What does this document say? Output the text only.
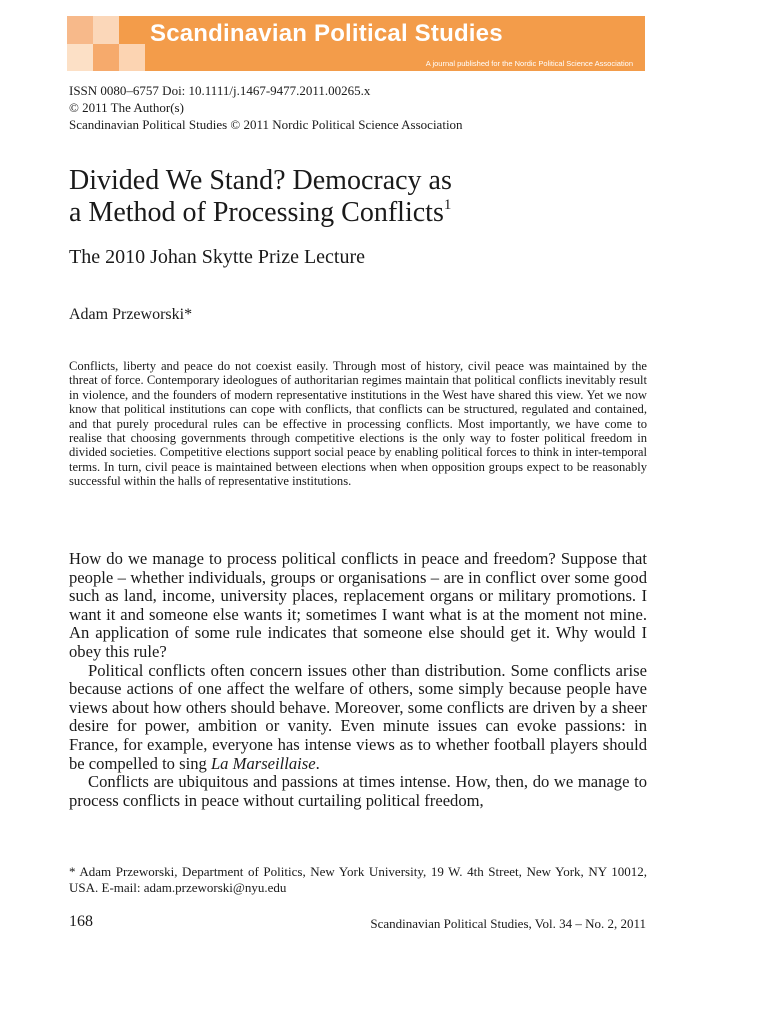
Scandinavian Political Studies

A journal published for the Nordic Political Science Association

ISSN 0080–6757 Doi: 10.1111/j.1467-9477.2011.00265.x
© 2011 The Author(s)
Scandinavian Political Studies © 2011 Nordic Political Science Association
Divided We Stand? Democracy as
a Method of Processing Conflicts$^1$
The 2010 Johan Skytte Prize Lecture
Adam Przeworski*

Conflicts, liberty and peace do not coexist easily. Through most of history, civil peace was maintained by the threat of force. Contemporary ideologues of authoritarian regimes maintain that political conflicts inevitably result in violence, and the founders of modern representative institutions in the West have shared this view. Yet we now know that political institutions can cope with conflicts, that conflicts can be structured, regulated and contained, and that purely procedural rules can be effective in processing conflicts. Most importantly, we have come to realise that choosing governments through competitive elections is the only way to foster political freedom in divided societies. Competitive elections support social peace by enabling political forces to think in inter-temporal terms. In turn, civil peace is maintained between elections when when opposition groups expect to be reasonably successful within the halls of representative institutions.

How do we manage to process political conflicts in peace and freedom? Suppose that people – whether individuals, groups or organisations – are in conflict over some good such as land, income, university places, replacement organs or military promotions. I want it and someone else wants it; sometimes I want what is at the moment not mine. An application of some rule indicates that someone else should get it. Why would I obey this rule?

Political conflicts often concern issues other than distribution. Some conflicts arise because actions of one affect the welfare of others, some simply because people have views about how others should behave. Moreover, some conflicts are driven by a sheer desire for power, ambition or vanity. Even minute issues can evoke passions: in France, for example, everyone has intense views as to whether football players should be compelled to sing La Marseillaise.

Conflicts are ubiquitous and passions at times intense. How, then, do we manage to process conflicts in peace without curtailing political freedom,

* Adam Przeworski, Department of Politics, New York University, 19 W. 4th Street, New York, NY 10012, USA. E-mail: adam.przeworski@nyu.edu

168	Scandinavian Political Studies, Vol. 34 – No. 2, 2011
